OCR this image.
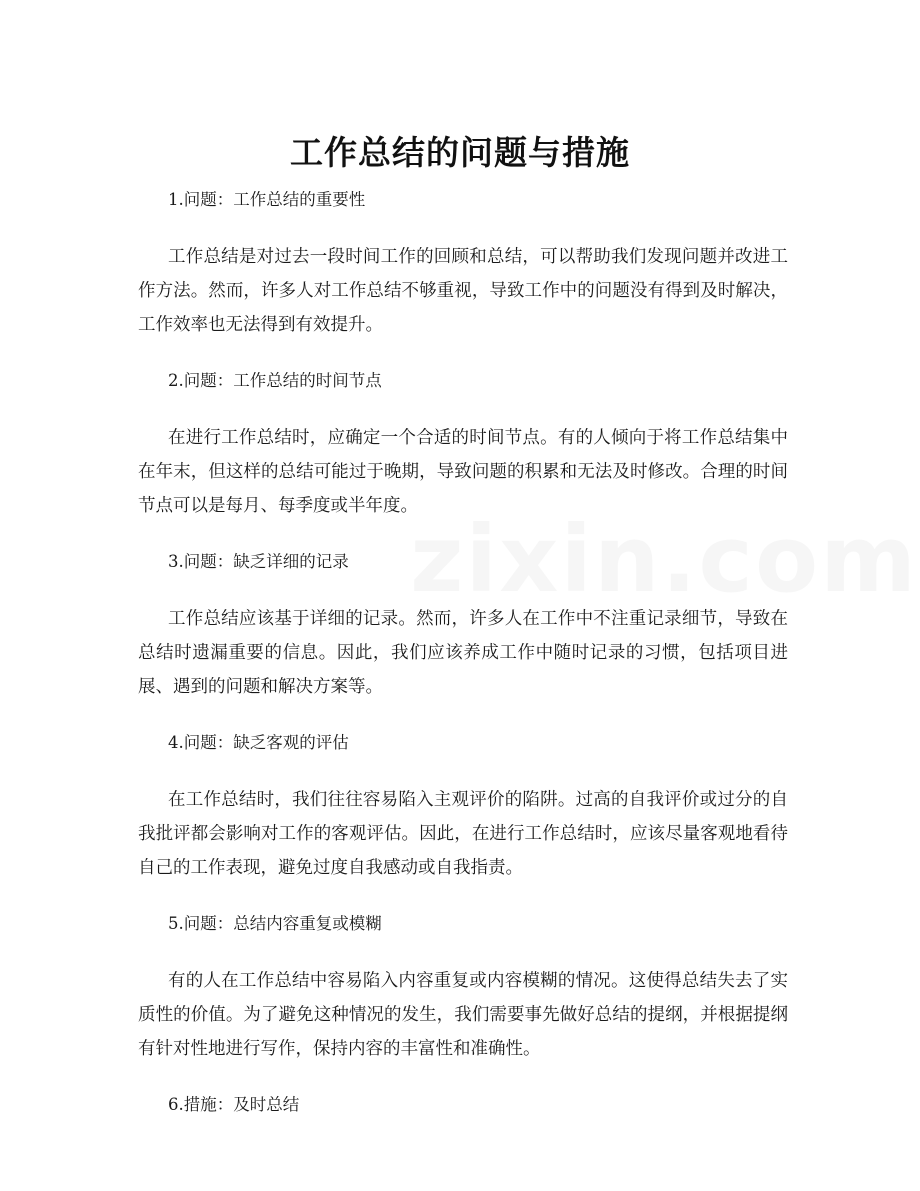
工作总结的问题与措施

1.问题：工作总结的重要性

工作总结是对过去一段时间工作的回顾和总结，可以帮助我们发现问题并改进工作方法。然而，许多人对工作总结不够重视，导致工作中的问题没有得到及时解决，工作效率也无法得到有效提升。

2.问题：工作总结的时间节点

在进行工作总结时，应确定一个合适的时间节点。有的人倾向于将工作总结集中在年末，但这样的总结可能过于晚期，导致问题的积累和无法及时修改。合理的时间节点可以是每月、每季度或半年度。

3.问题：缺乏详细的记录

工作总结应该基于详细的记录。然而，许多人在工作中不注重记录细节，导致在总结时遗漏重要的信息。因此，我们应该养成工作中随时记录的习惯，包括项目进展、遇到的问题和解决方案等。

4.问题：缺乏客观的评估

在工作总结时，我们往往容易陷入主观评价的陷阱。过高的自我评价或过分的自我批评都会影响对工作的客观评估。因此，在进行工作总结时，应该尽量客观地看待自己的工作表现，避免过度自我感动或自我指责。

5.问题：总结内容重复或模糊

有的人在工作总结中容易陷入内容重复或内容模糊的情况。这使得总结失去了实质性的价值。为了避免这种情况的发生，我们需要事先做好总结的提纲，并根据提纲有针对性地进行写作，保持内容的丰富性和准确性。

6.措施：及时总结
